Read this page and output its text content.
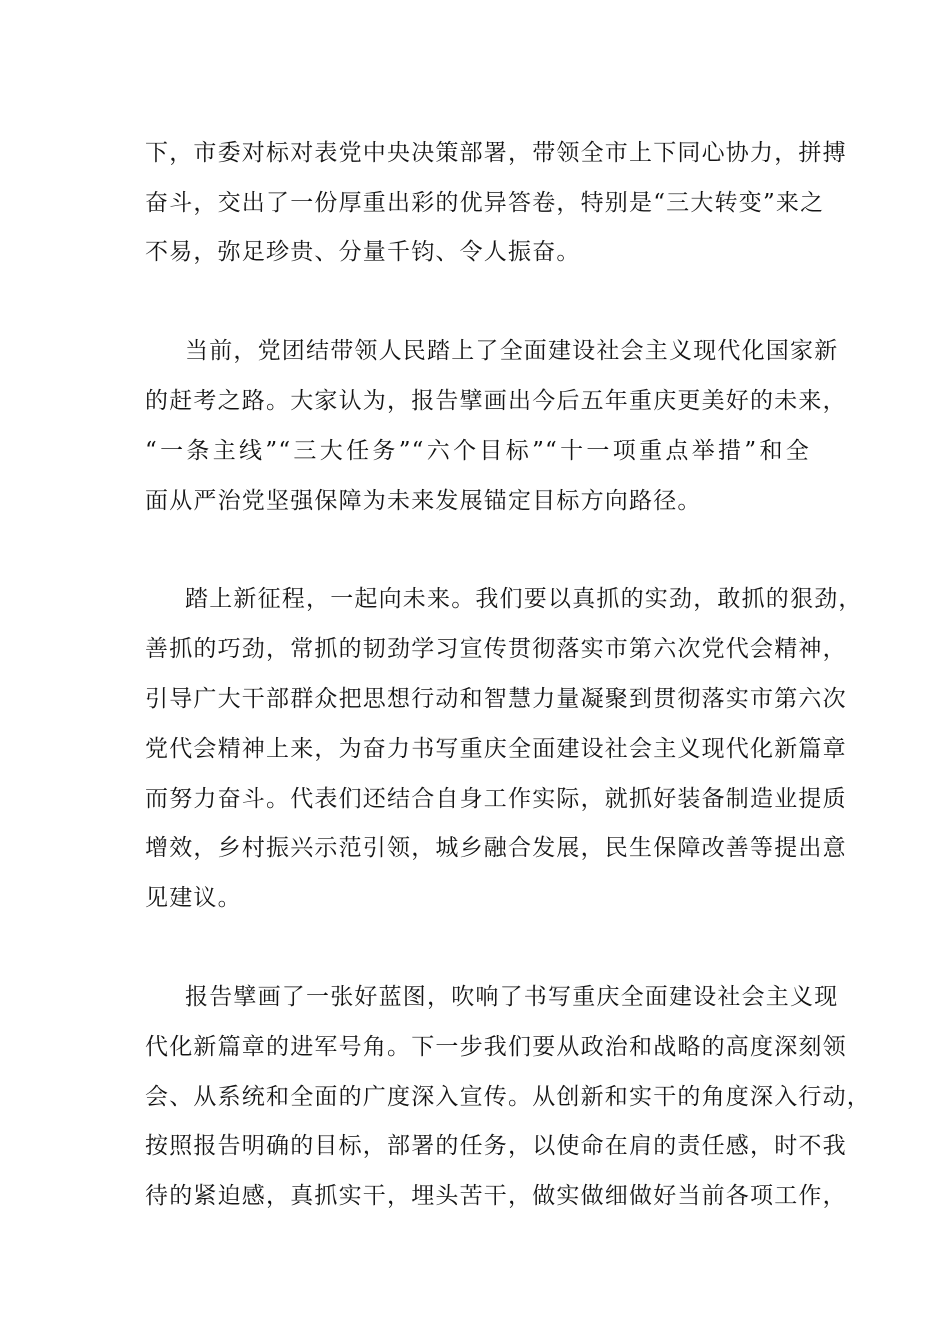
下，市委对标对表党中央决策部署，带领全市上下同心协力，拼搏

奋斗，交出了一份厚重出彩的优异答卷，特别是“三大转变”来之

不易，弥足珍贵、分量千钧、令人振奋。

当前，党团结带领人民踏上了全面建设社会主义现代化国家新

的赶考之路。大家认为，报告擘画出今后五年重庆更美好的未来，

“一条主线”“三大任务”“六个目标”“十一项重点举措”和全

面从严治党坚强保障为未来发展锚定目标方向路径。

踏上新征程，一起向未来。我们要以真抓的实劲，敢抓的狠劲，

善抓的巧劲，常抓的韧劲学习宣传贯彻落实市第六次党代会精神，

引导广大干部群众把思想行动和智慧力量凝聚到贯彻落实市第六次

党代会精神上来，为奋力书写重庆全面建设社会主义现代化新篇章

而努力奋斗。代表们还结合自身工作实际，就抓好装备制造业提质

增效，乡村振兴示范引领，城乡融合发展，民生保障改善等提出意

见建议。

报告擘画了一张好蓝图，吹响了书写重庆全面建设社会主义现

代化新篇章的进军号角。下一步我们要从政治和战略的高度深刻领

会、从系统和全面的广度深入宣传。从创新和实干的角度深入行动，

按照报告明确的目标，部署的任务，以使命在肩的责任感，时不我

待的紧迫感，真抓实干，埋头苦干，做实做细做好当前各项工作，
